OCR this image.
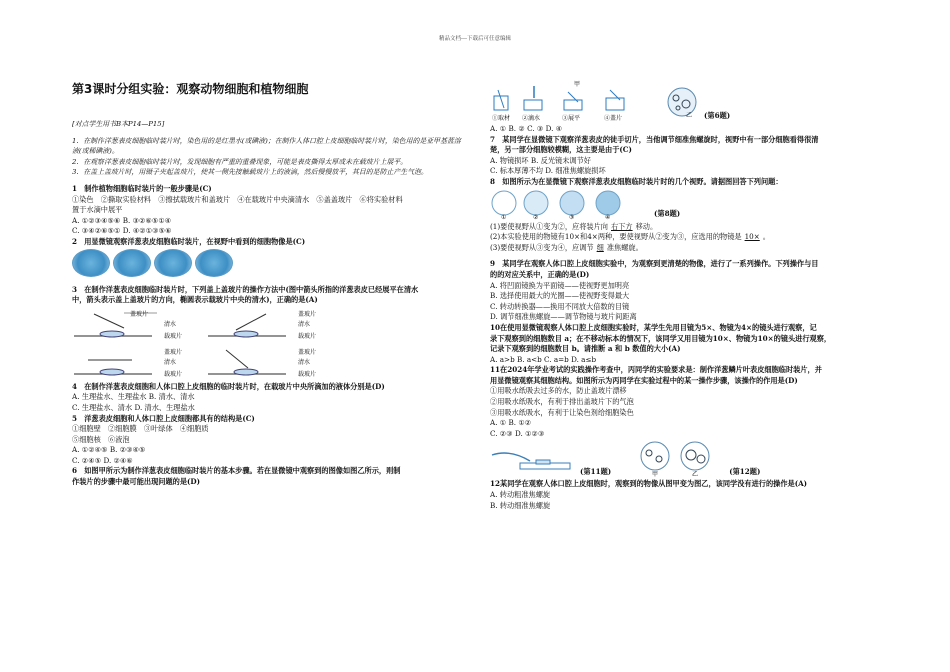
精品文档---下载后可任意编辑
第3课时分组实验：观察动物细胞和植物细胞

[对点学生用书B本P14—P15]

1．在制作洋葱表皮细胞临时装片时，染色用的是红墨水(或碘液)；在制作人体口腔上皮细胞临时装片时，染色用的是亚甲基蓝溶液(或稀碘液)。

2．在观察洋葱表皮细胞临时装片时，发现细胞有严重的重叠现象，可能是表皮撕得太厚或未在载玻片上展平。

3．在盖上盖玻片时，用镊子夹起盖玻片，使其一侧先接触载玻片上的液滴，然后慢慢放平，其目的是防止产生气泡。

1　制作植物细胞临时装片的一般步骤是(C)

①染色　②撕取实验材料　③擦拭载玻片和盖玻片　④在载玻片中央滴清水　⑤盖盖玻片　⑥将实验材料

置于水滴中展平

A. ①②③④⑤⑥ B. ③②⑥⑤①④

C. ③④②⑥⑤① D. ④②①③⑤⑥

2　用显微镜观察洋葱表皮细胞临时装片，在视野中看到的细胞物像是(C)

3　在制作洋葱表皮细胞临时装片时，下列盖上盖玻片的操作方法中(图中箭头所指的洋葱表皮已经展平在清水

中，箭头表示盖上盖玻片的方向，椭圆表示载玻片中央的清水)，正确的是(A)

盖玻片
清水
载玻片
盖玻片
清水
载玻片
盖玻片
清水
载玻片
盖玻片
清水
载玻片

4　在制作洋葱表皮细胞和人体口腔上皮细胞的临时装片时，在载玻片中央所滴加的液体分别是(D)

A. 生理盐水、生理盐水 B. 清水、清水

C. 生理盐水、清水 D. 清水、生理盐水

5　洋葱表皮细胞和人体口腔上皮细胞都具有的结构是(C)

①细胞壁　②细胞膜　③叶绿体　④细胞质

⑤细胞核　⑥液泡

A. ①②④⑤ B. ②③④⑤

C. ②④⑤ D. ②④⑥

6　如图甲所示为制作洋葱表皮细胞临时装片的基本步骤。若在显微镜中观察到的图像如图乙所示，则制

作装片的步骤中最可能出现问题的是(D)

①取材 ②滴水	③展平	④盖片
甲
乙 (第6题)

A. ① B. ② C. ③ D. ④

7　某同学在显微镜下观察洋葱表皮的徒手切片，当他调节细准焦螺旋时，视野中有一部分细胞看得很清

楚，另一部分细胞较模糊，这主要是由于(C)

A. 物镜损坏 B. 反光镜未调节好

C. 标本厚薄不均 D. 细准焦螺旋损坏

8　如图所示为在显微镜下观察洋葱表皮细胞临时装片时的几个视野。请据图回答下列问题：

①	②	③	④	(第8题)

(1)要使视野从①变为②，应将装片向 右下方 移动。

(2)本实验使用的物镜有10×和4×两种，要使视野从②变为③，应选用的物镜是 10× 。

(3)要使视野从③变为④，应调节 细 准焦螺旋。

9　某同学在观察人体口腔上皮细胞实验中，为观察到更清楚的物像，进行了一系列操作。下列操作与目

的的对应关系中，正确的是(D)

A. 将凹面镜换为平面镜——使视野更加明亮

B. 选择使用最大的光圈——使视野变得最大

C. 转动转换器——换用不同放大倍数的目镜

D. 调节细准焦螺旋——调节物镜与玻片间距离

10在使用显微镜观察人体口腔上皮细胞实验时，某学生先用目镜为5×、物镜为4×的镜头进行观察，记

录下观察到的细胞数目 a；在不移动标本的情况下，该同学又用目镜为10×、物镜为10×的镜头进行观察，

记录下观察到的细胞数目 b。请推断 a 和 b 数值的大小(A)

A. a>b B. a<b C. a=b D. a≤b

11在2024年学业考试的实践操作考查中，丙同学的实验要求是：制作洋葱鳞片叶表皮细胞临时装片，并

用显微镜观察其细胞结构。如图所示为丙同学在实验过程中的某一操作步骤，该操作的作用是(D)

①用吸水纸吸去过多的水，防止盖玻片漂移

②用吸水纸吸水，有利于排出盖玻片下的气泡

③用吸水纸吸水，有利于让染色剂给细胞染色

A. ① B. ①②

C. ②③ D. ①②③

(第11题)	甲	乙	(第12题)

12某同学在观察人体口腔上皮细胞时，观察到的物像从图甲变为图乙，该同学没有进行的操作是(A)

A. 转动粗准焦螺旋

B. 转动细准焦螺旋
